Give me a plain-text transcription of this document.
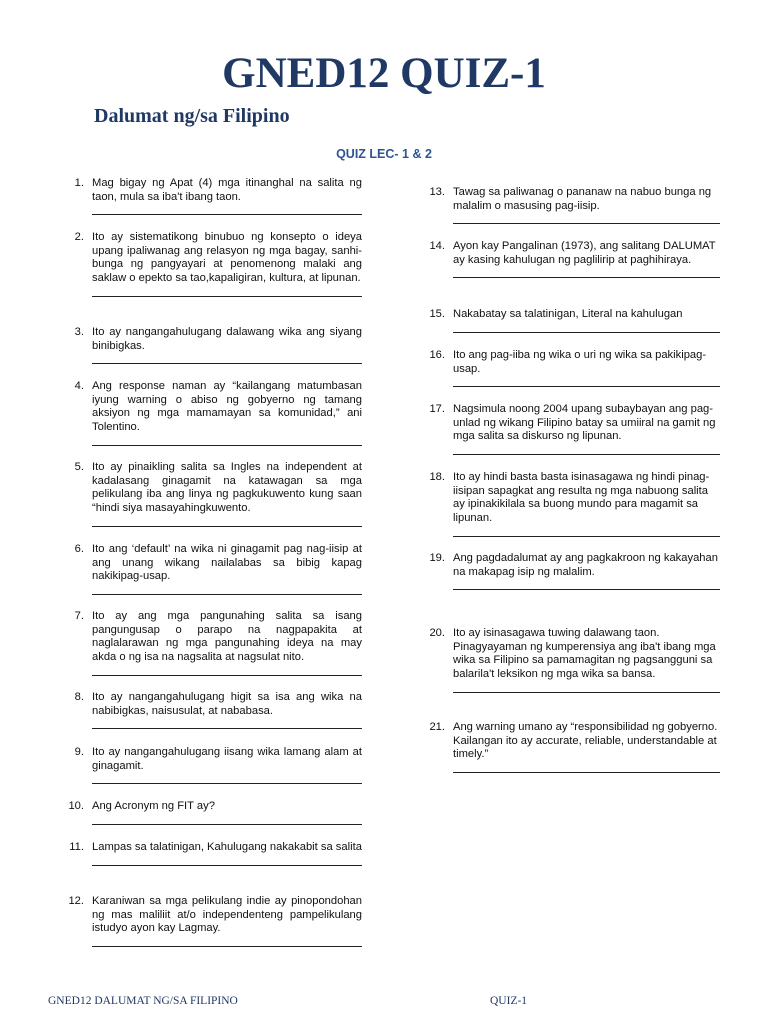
GNED12 QUIZ-1
Dalumat ng/sa Filipino
QUIZ LEC- 1 & 2
1. Mag bigay ng Apat (4) mga itinanghal na salita ng taon, mula sa iba't ibang taon.
2. Ito ay sistematikong binubuo ng konsepto o ideya upang ipaliwanag ang relasyon ng mga bagay, sanhi-bunga ng pangyayari at penomenong malaki ang saklaw o epekto sa tao,kapaligiran, kultura, at lipunan.
3. Ito ay nangangahulugang dalawang wika ang siyang binibigkas.
4. Ang response naman ay “kailangang matumbasan iyung warning o abiso ng gobyerno ng tamang aksiyon ng mga mamamayan sa komunidad,” ani Tolentino.
5. Ito ay pinaikling salita sa Ingles na independent at kadalasang ginagamit na katawagan sa mga pelikulang iba ang linya ng pagkukuwento kung saan “hindi siya masayahingkuwento.
6. Ito ang ‘default’ na wika ni ginagamit pag nag-iisip at ang unang wikang nailalabas sa bibig kapag nakikipag-usap.
7. Ito ay ang mga pangunahing salita sa isang pangungusap o parapo na nagpapakita at naglalarawan ng mga pangunahing ideya na may akda o ng isa na nagsalita at nagsulat nito.
8. Ito ay nangangahulugang higit sa isa ang wika na nabibigkas, naisusulat, at nababasa.
9. Ito ay nangangahulugang iisang wika lamang alam at ginagamit.
10. Ang Acronym ng FIT ay?
11. Lampas sa talatinigan, Kahulugang nakakabit sa salita
12. Karaniwan sa mga pelikulang indie ay pinopondohan ng mas maliliit at/o independenteng pampelikulang istudyo ayon kay Lagmay.
13. Tawag sa paliwanag o pananaw na nabuo bunga ng malalim o masusing pag-iisip.
14. Ayon kay Pangalinan (1973), ang salitang DALUMAT ay kasing kahulugan ng paglilirip at paghihiraya.
15. Nakabatay sa talatinigan, Literal na kahulugan
16. Ito ang pag-iiba ng wika o uri ng wika sa pakikipag-usap.
17. Nagsimula noong 2004 upang subaybayan ang pag-unlad ng wikang Filipino batay sa umiiral na gamit ng mga salita sa diskurso ng lipunan.
18. Ito ay hindi basta basta isinasagawa ng hindi pinag-iisipan sapagkat ang resulta ng mga nabuong salita ay ipinakikilala sa buong mundo para magamit sa lipunan.
19. Ang pagdadalumat ay ang pagkakroon ng kakayahan na makapag isip ng malalim.
20. Ito ay isinasagawa tuwing dalawang taon. Pinagyayaman ng kumperensiya ang iba't ibang mga wika sa Filipino sa pamamagitan ng pagsangguni sa balarila't leksikon ng mga wika sa bansa.
21. Ang warning umano ay “responsibilidad ng gobyerno. Kailangan ito ay accurate, reliable, understandable at timely.”
GNED12 DALUMAT NG/SA FILIPINO	QUIZ-1
